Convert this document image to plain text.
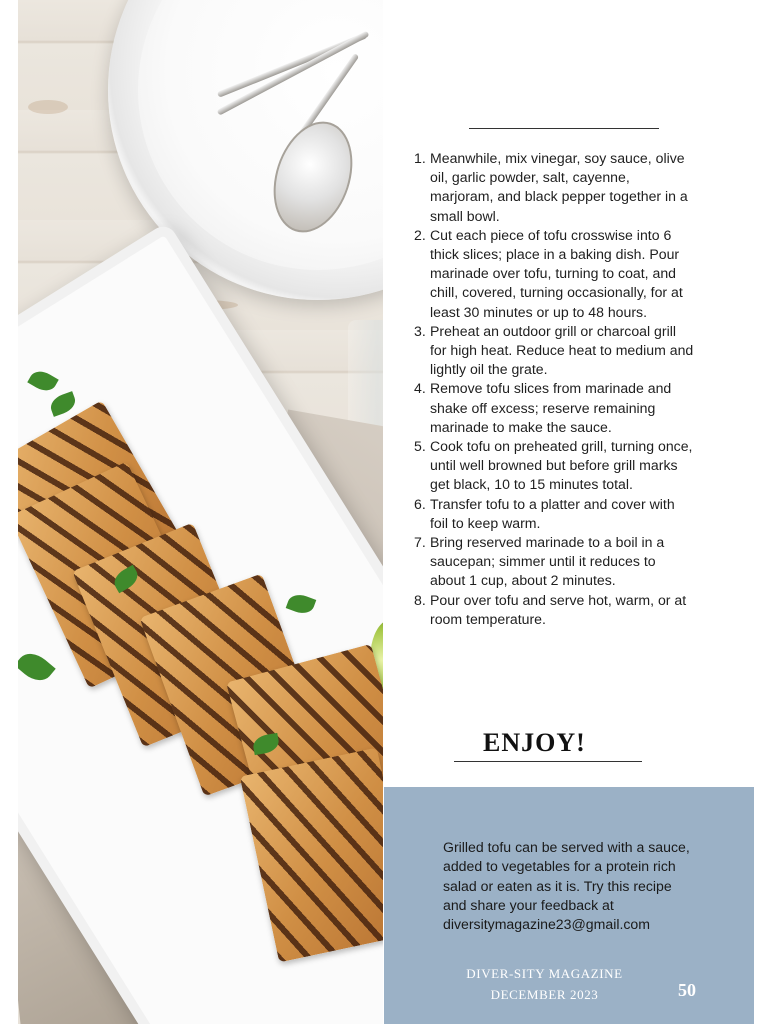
1. Meanwhile, mix vinegar, soy sauce, olive oil, garlic powder, salt, cayenne, marjoram, and black pepper together in a small bowl.
2. Cut each piece of tofu crosswise into 6 thick slices; place in a baking dish. Pour marinade over tofu, turning to coat, and chill, covered, turning occasionally, for at least 30 minutes or up to 48 hours.
3. Preheat an outdoor grill or charcoal grill for high heat. Reduce heat to medium and lightly oil the grate.
4. Remove tofu slices from marinade and shake off excess; reserve remaining marinade to make the sauce.
5. Cook tofu on preheated grill, turning once, until well browned but before grill marks get black, 10 to 15 minutes total.
6. Transfer tofu to a platter and cover with foil to keep warm.
7. Bring reserved marinade to a boil in a saucepan; simmer until it reduces to about 1 cup, about 2 minutes.
8. Pour over tofu and serve hot, warm, or at room temperature.
ENJOY!
Grilled tofu can be served with a sauce, added to vegetables for a protein rich salad or eaten as it is. Try this recipe and share your feedback at diversitymagazine23@gmail.com
DIVER-SITY MAGAZINE
DECEMBER 2023	50
